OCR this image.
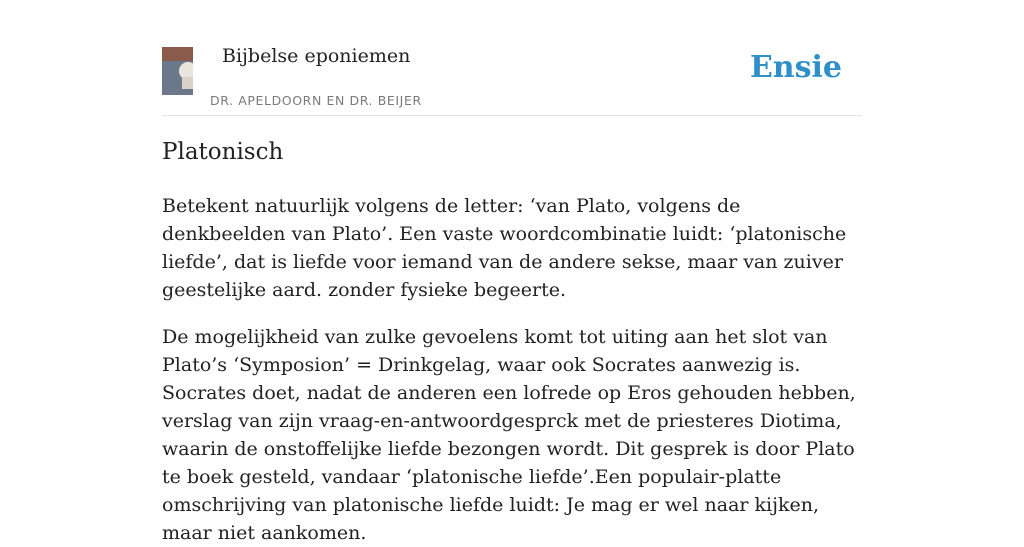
Bijbelse eponiemen
DR. APELDOORN EN DR. BEIJER
Ensie
Platonisch

Betekent natuurlijk volgens de letter: ‘van Plato, volgens de denkbeelden van Plato’. Een vaste woordcombinatie luidt: ‘platonische liefde’, dat is liefde voor iemand van de andere sekse, maar van zuiver geestelijke aard. zonder fysieke begeerte.

De mogelijkheid van zulke gevoelens komt tot uiting aan het slot van Plato’s ‘Symposion’ = Drinkgelag, waar ook Socrates aanwezig is. Socrates doet, nadat de anderen een lofrede op Eros gehouden hebben, verslag van zijn vraag-en-antwoordgesprck met de priesteres Diotima, waarin de onstoffelijke liefde bezongen wordt. Dit gesprek is door Plato te boek gesteld, vandaar ‘platonische liefde’.Een populair-platte omschrijving van platonische liefde luidt: Je mag er wel naar kijken, maar niet aankomen.
